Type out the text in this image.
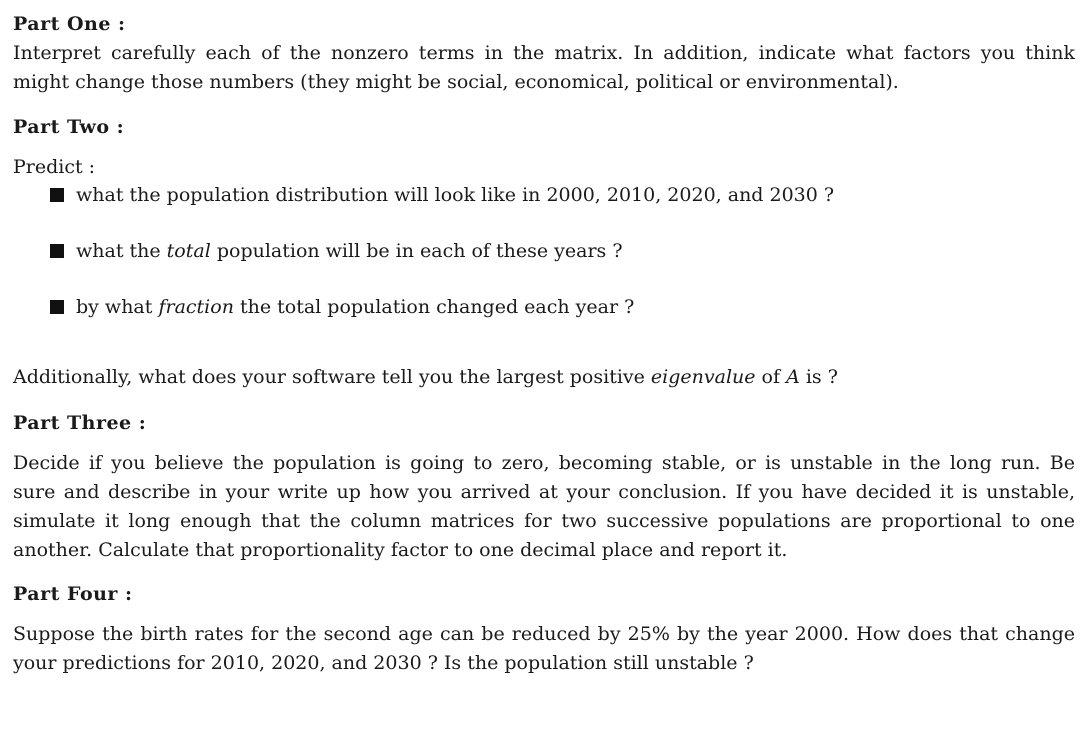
Part One :
Interpret carefully each of the nonzero terms in the matrix. In addition, indicate what factors you think
might change those numbers (they might be social, economical, political or environmental).
Part Two :
Predict :
what the population distribution will look like in 2000, 2010, 2020, and 2030 ?
what the total population will be in each of these years ?
by what fraction the total population changed each year ?
Additionally, what does your software tell you the largest positive eigenvalue of A is ?
Part Three :
Decide if you believe the population is going to zero, becoming stable, or is unstable in the long run. Be
sure and describe in your write up how you arrived at your conclusion. If you have decided it is unstable,
simulate it long enough that the column matrices for two successive populations are proportional to one
another. Calculate that proportionality factor to one decimal place and report it.
Part Four :
Suppose the birth rates for the second age can be reduced by 25% by the year 2000. How does that change
your predictions for 2010, 2020, and 2030 ? Is the population still unstable ?
